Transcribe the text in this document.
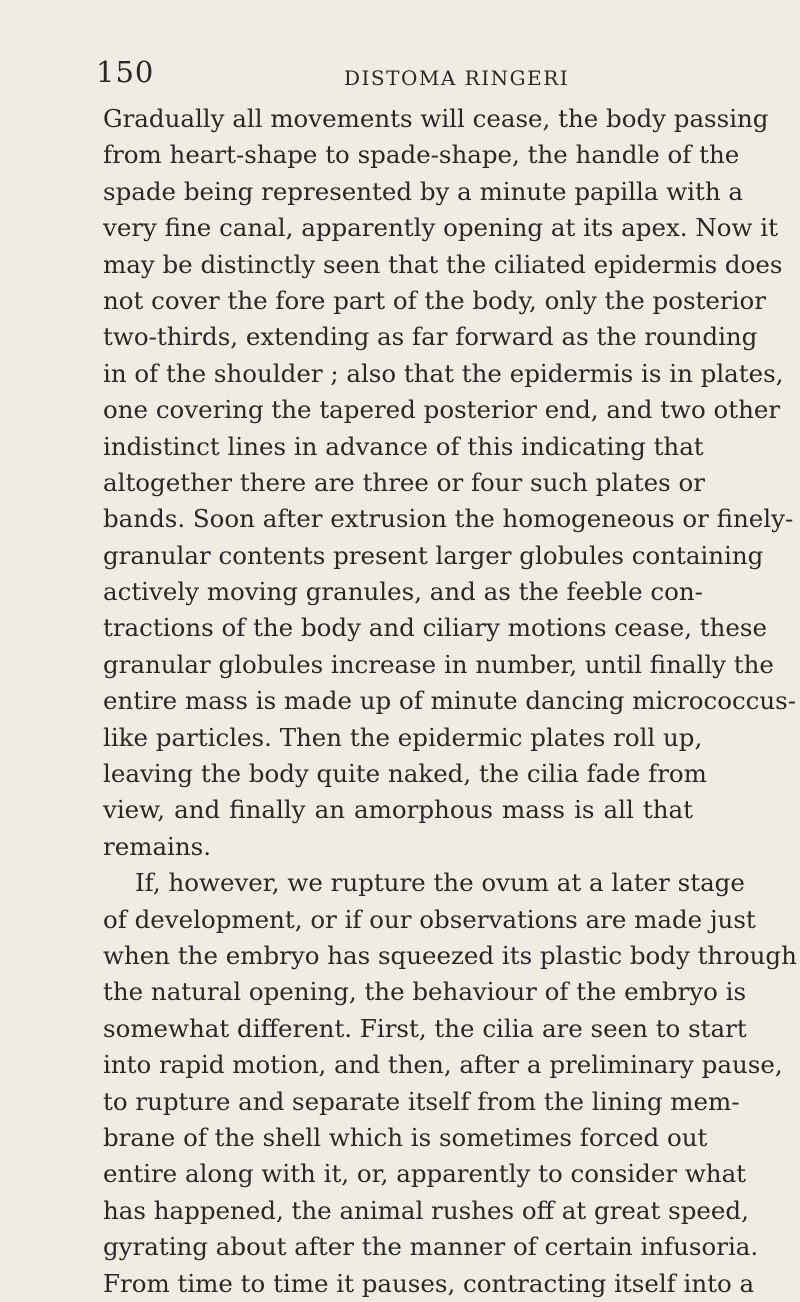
150	DISTOMA RINGERI
Gradually all movements will cease, the body passing
from heart-shape to spade-shape, the handle of the
spade being represented by a minute papilla with a
very fine canal, apparently opening at its apex. Now it
may be distinctly seen that the ciliated epidermis does
not cover the fore part of the body, only the posterior
two-thirds, extending as far forward as the rounding
in of the shoulder ; also that the epidermis is in plates,
one covering the tapered posterior end, and two other
indistinct lines in advance of this indicating that
altogether there are three or four such plates or
bands. Soon after extrusion the homogeneous or finely-
granular contents present larger globules containing
actively moving granules, and as the feeble con-
tractions of the body and ciliary motions cease, these
granular globules increase in number, until finally the
entire mass is made up of minute dancing micrococcus-
like particles. Then the epidermic plates roll up,
leaving the body quite naked, the cilia fade from
view, and finally an amorphous mass is all that
remains.
If, however, we rupture the ovum at a later stage
of development, or if our observations are made just
when the embryo has squeezed its plastic body through
the natural opening, the behaviour of the embryo is
somewhat different. First, the cilia are seen to start
into rapid motion, and then, after a preliminary pause,
to rupture and separate itself from the lining mem-
brane of the shell which is sometimes forced out
entire along with it, or, apparently to consider what
has happened, the animal rushes off at great speed,
gyrating about after the manner of certain infusoria.
From time to time it pauses, contracting itself into a
